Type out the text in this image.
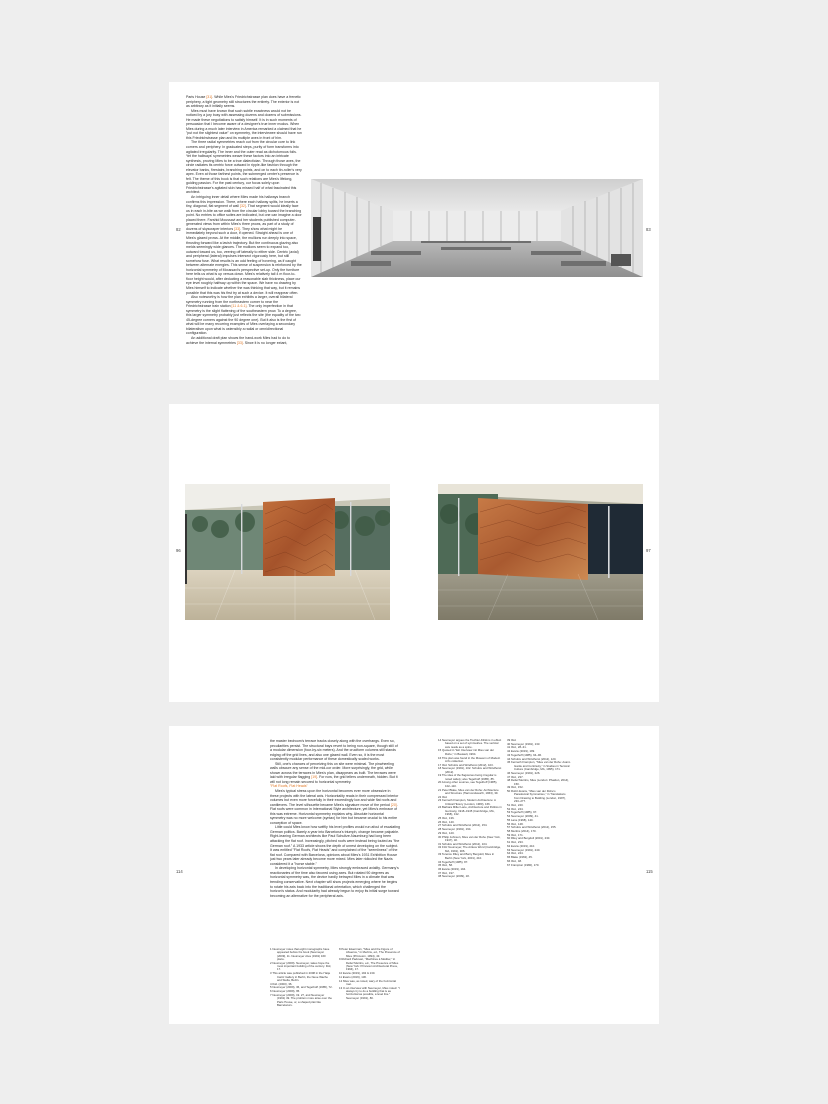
82	83

Paris House [31]. While Mies's Friedrichstrasse plan does have a frenetic periphery, a tight geometry still structures the entirety. The exterior is not as arbitrary as it initially seems.

Mies must have known that such subtle exactness would not be noticed by a jury busy with assessing dozens and dozens of submissions. He made these negotiations to satisfy himself. It is in such moments of persuasion that I become aware of a designer's true inner modus. When Mies during a much later interview in America remarked a claimed that he "put not the slightest value" on symmetry, the interviewee should have run this Friedrichstrasse plan and its multiple axes in front of him.

The three radial symmetries reach out from the circular core to link corners and periphery. In graduated steps, purity of form transforms into agitated irregularity. The inner and the outer read as dichotomous foils. Yet the hallways' symmetries weave these factors into an intricate synthesis, proving Mies to be a true dialectician. Through those axes, the circle radiates its centric force outward in ripple-like fashion through the elevator banks, firestairs, branching points, and on to each tin-roller's very apex. Even at those farthest points, the submerged center's presence is felt. The theme of this book is that such relations are Mies's lifelong, guiding passion. For the past century, our focus solely upon Friedrichstrasse's agitated skin has missed half of what fascinated this architect.

An intriguing inner detail where Mies made his hallways branch confirms this impression. There, where each hallway splits, he inserts a tiny, diagonal, flat segment of wall [32]. That segment would ideally face us in each in-bite as we walk from the circular lobby toward the branching point. No entries to office suites are indicated, but one can imagine a door placed there. Farshid Moussavi and her students published computer-generated views from within Mies's three prows, as part of a study of dozens of skyscraper interiors [33]. They show what might be immediately beyond such a door, if opened. Straight ahead is one of Mies's glazed prows. At the middle, the mullions run deeply into space, thrusting forward like a lavish trajectory. But the continuous glazing also melds seemingly wide glances. The mullions seem to expand too, outward toward us, too, veering off laterally to either side. Centric (axial) and peripheral (lateral) impulses intersect vigorously here, but still somehow fuse. What results is an odd feeling of hovering, as if caught between alternate energies. This sense of suspension is reinforced by the horizontal symmetry of Moussavi's perspective set-up. Only the furniture here tells us what is up versus down. Mies's relatively tall 4 m floor-to-floor height would, after deducting a reasonable slab thickness, place our eye level roughly halfway up within the space. We have no drawing by Mies himself to indicate whether the was thinking that way, but it remains possible that this was his first try at such a device. It will reappear often.

Also noteworthy is how the plan exhibits a larger, overall bilateral symmetry running from the northeastern corner to near the Friedrichstrasse train station [11 & 6.1]. The only imperfection in that symmetry is the slight flattening of the southeastern prow. To a degree, this larger symmetry probably just reflects the site (the equality of the two 45-degree corners against the 90 degree one). But it also is the first of what will be many recurring examples of Mies overlaying a secondary bilateralism upon what is ostensibly a radial or omnidirectional configuration.

An additional draft plan shows the hand-work Mies had to do to achieve the internal symmetries [33]. Since it is no longer extant,

96	97
114	115

the master bedroom's terrace tracks closely along with the overhangs. Even so, peculiarities persist. The structural bays revert to being non-square, though still of a modular dimension (four-by-six meters). And the cruciform columns still stands edging off the grid lines, and also one glazed wall. Even so, it is the most consistently modular performance of these domestically scaled works.

Still, one's chances of perceiving this on site were minimal. The pinwheeling walls obscure any sense of the mid-cor order. More surprisingly, the grid, while shown across the terraces in Mies's plan, disappears as built. The terraces were laid with irregular flagging [19]. For now, the grid tellers underneath, hidden. But it will not long remain secured to horizontal symmetry.

"Flat Roofs, Flat Heads"

Mies's typical stress upon the horizontal becomes ever more obsessive in these projects with the lateral axis. Horizontality reads in their compressed interior volumes but even more forcefully in their exceedingly low and wide flat roofs and cantilevers. The level silhouette became Mies's signature move of the period [20]. Flat roofs were common in International Style architecture, yet Mies's embrace of this was extreme. Horizontal symmetry explains why. Absolute horizontal symmetry was no more welcome (syntax) for him but became crucial to his entire conception of space.

Little could Mies know how swiftly his level profiles would run afoul of escalating German politics. Barely a year into Barcelona's triumph, change became palpable. Right-leaning German architects like Paul Schultze-Naumburg had long been attacking the flat roof. Increasingly, pitched roofs were instead being touted as "the German roof." A 1933 article shows the depth of unrest developing on the subject. It was entitled "Flat Roofs, Flat Heads" and complained of the "seemliness" of the flat roof. Compared with Barcelona, opinions about Mies's 1931 Exhibition House just two years later already become more mixed. Mies later ridiculed the Nazis considered it a "horse stable."

In developing horizontal symmetry, Mies strongly embraced axiality. Germany's reactionaries of the time also favored using axes. But rotated 90 degrees as horizontal symmetry was, the device hardly betrayed Mies in a climate that was trending conservative. Next chapter will show projects emerging where he begins to rotate his axis back into the traditional orientation, which challenged the horizon's status. And modularity had already begun to enjoy its initial surge toward becoming an alternative for the peripheral axis.

1 Neumeyer notes that eight monographs have appeared before his book (Neumeyer (2009), 11. Neumeyer cites (1991) 160 plans.
2 Neumeyer (2009). Neumeyer, takes hope the most important building of the century. Ibid, 17.
3 This article was published in 2008 in the Hatje Cantz Gallery in Berlin, the Neue Wache and Stella, Berlin.
4 Ibid. (2000), 36.
5 Neumeyer (2009), 36, and Tegethoff (1985), 72.
6 Neumeyer (2009), 95.
7 Neumeyer (2009), 19. 27, and Neumeyer (1991) 49. The problem more arise over the Paris House, or, a shaped plan like Barcelona's.
8 Peter Eisenman, "Mies and the Figure of Absence," in Mertins, ed., The Presence of Mies (Princeton, 1994), 43.
9 Richard Padovan, "Machines à Méditer," in Detlef Mertins, ed., The Presence of Mies (New York: Princeton Architectural Press, 1994), 17.
10 Evans (2019), 192 & 130.
11 Evans (2019), 130.
12 Mies was, as noted, wary of the horizontal mat.
13 In an interview with Neumeyer, Mies noted: "I always try to do a building that is as horizontal as possible, a level line." Neumeyer (1991), 80.
14 Neumeyer argues the Tischler-Klinik is in effect based on a set of symmetries. The vertical axis reads as a spine.
15 Quoted in "Ein Interview mit Mies van der Rohe," in Bauwelt, 1964.
16 This plan was found in the Museum of Modern Art's collection.
17 Ibid. Schulze and Windhorst (2012), 103.
18 Neumeyer (1991), 102. Schulze and Windhorst (2012).
19 The idea of the flagstones being irregular is noted widely; also Tegethoff (1985), 85.
20 Among other sources, see Tegethoff (1985), 102–110.
21 Peter Blake, Mies van der Rohe: Architecture and Structure (Harmondsworth, 1963), 39.
22 Ibid.
23 Kenneth Frampton, Modern Architecture: A Critical History (London, 1980), 166.
24 Barbara Miller Lane, Architecture and Politics in Germany, 1918–1945 (Cambridge, MA, 1968), 132.
25 Ibid., 136.
26 Ibid., 140.
27 Schulze and Windhorst (2012), 154.
28 Neumeyer (1991), 194.
29 Ibid., 120.
30 Philip Johnson, Mies van der Rohe (New York, 1947), 32.
31 Schulze and Windhorst (2012), 104.
32 Fritz Neumeyer, The Artless Word (Cambridge, MA, 1991), 306.
33 Terence Riley and Barry Bergdoll, Mies in Berlin (New York, 2001), 210.
34 Tegethoff (1985), 87.
35 Ibid., 58.
36 Evans (2019), 194.
37 Ibid., 197.
38 Neumeyer (2009), 18.
39 Ibid.
40 Neumeyer (1991), 133.
41 Ibid., 28–31.
42 Evans (2019), 199.
43 Tegethoff (1985), 94–96.
44 Schulze and Windhorst (2012), 120.
45 Kenneth Frampton, "Mies van der Rohe: Avant-Garde and Continuity," in Studies in Tectonic Culture (Cambridge, MA, 1995), 171.
46 Neumeyer (1991), 226.
47 Ibid., 237.
48 Detlef Mertins, Mies (London: Phaidon, 2014), 150.
49 Ibid., 152.
50 Robin Evans, "Mies van der Rohe's Paradoxical Symmetries," in Translations from Drawing to Building (London, 1997), 233–277.
51 Ibid., 240.
52 Ibid., 244.
53 Tegethoff (1985), 97.
54 Neumeyer (2009), 41.
55 Lane (1968), 140.
56 Ibid., 148.
57 Schulze and Windhorst (2012), 155.
58 Mertins (2014), 170.
59 Ibid., 171.
60 Riley and Bergdoll (2001), 230.
61 Ibid., 233.
62 Evans (2019), 210.
63 Neumeyer (1991), 240.
64 Ibid., 244.
65 Blake (1963), 45.
66 Ibid., 48.
67 Frampton (1980), 170.
